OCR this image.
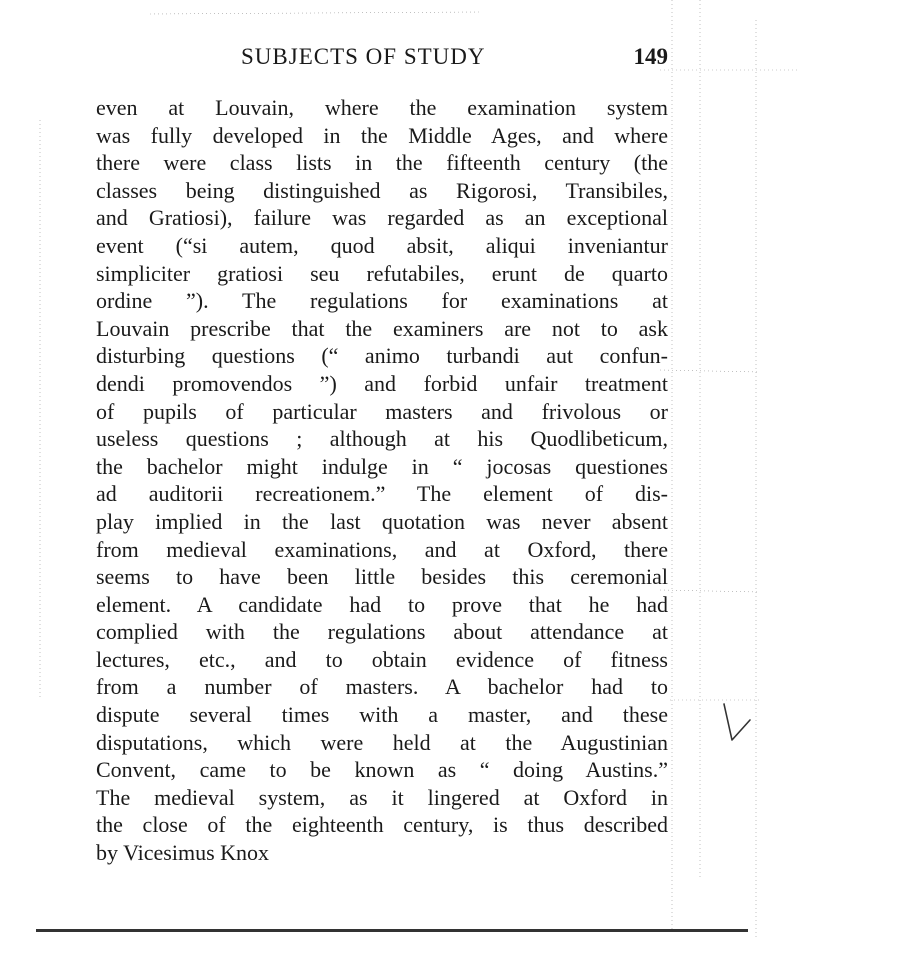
SUBJECTS OF STUDY	149
even at Louvain, where the examination system
was fully developed in the Middle Ages, and where
there were class lists in the fifteenth century (the
classes being distinguished as Rigorosi, Transibiles,
and Gratiosi), failure was regarded as an exceptional
event (“si autem, quod absit, aliqui inveniantur
simpliciter gratiosi seu refutabiles, erunt de quarto
ordine ”). The regulations for examinations at
Louvain prescribe that the examiners are not to ask
disturbing questions (“ animo turbandi aut confun-
dendi promovendos ”) and forbid unfair treatment
of pupils of particular masters and frivolous or
useless questions ; although at his Quodlibeticum,
the bachelor might indulge in “ jocosas questiones
ad auditorii recreationem.” The element of dis-
play implied in the last quotation was never absent
from medieval examinations, and at Oxford, there
seems to have been little besides this ceremonial
element. A candidate had to prove that he had
complied with the regulations about attendance at
lectures, etc., and to obtain evidence of fitness
from a number of masters. A bachelor had to
dispute several times with a master, and these
disputations, which were held at the Augustinian
Convent, came to be known as “ doing Austins.”
The medieval system, as it lingered at Oxford in
the close of the eighteenth century, is thus described
by Vicesimus Knox
